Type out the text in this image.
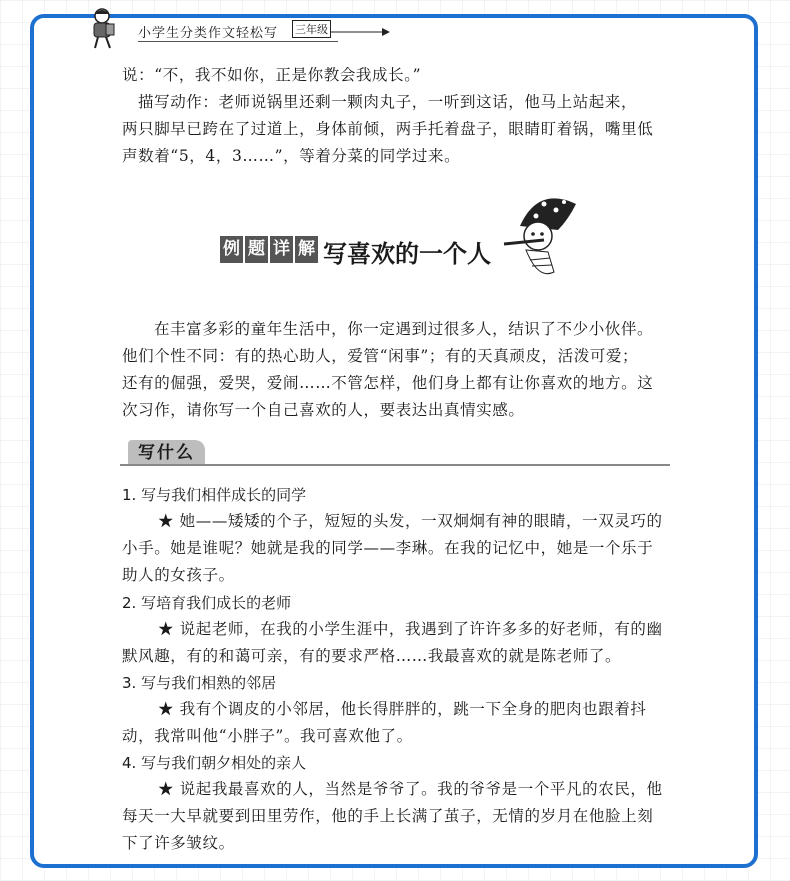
小学生分类作文轻松写 三年级

说：“不，我不如你，正是你教会我成长。”

描写动作：老师说锅里还剩一颗肉丸子，一听到这话，他马上站起来，

两只脚早已跨在了过道上，身体前倾，两手托着盘子，眼睛盯着锅，嘴里低

声数着“5，4，3……”，等着分菜的同学过来。

例 题 详 解 写喜欢的一个人

在丰富多彩的童年生活中，你一定遇到过很多人，结识了不少小伙伴。

他们个性不同：有的热心助人，爱管“闲事”；有的天真顽皮，活泼可爱；

还有的倔强，爱哭，爱闹……不管怎样，他们身上都有让你喜欢的地方。这

次习作，请你写一个自己喜欢的人，要表达出真情实感。

写什么
1. 写与我们相伴成长的同学

★ 她——矮矮的个子，短短的头发，一双炯炯有神的眼睛，一双灵巧的

小手。她是谁呢？她就是我的同学——李琳。在我的记忆中，她是一个乐于

助人的女孩子。

2. 写培育我们成长的老师

★ 说起老师，在我的小学生涯中，我遇到了许许多多的好老师，有的幽

默风趣，有的和蔼可亲，有的要求严格……我最喜欢的就是陈老师了。

3. 写与我们相熟的邻居

★ 我有个调皮的小邻居，他长得胖胖的，跳一下全身的肥肉也跟着抖

动，我常叫他“小胖子”。我可喜欢他了。

4. 写与我们朝夕相处的亲人

★ 说起我最喜欢的人，当然是爷爷了。我的爷爷是一个平凡的农民，他

每天一大早就要到田里劳作，他的手上长满了茧子，无情的岁月在他脸上刻

下了许多皱纹。
